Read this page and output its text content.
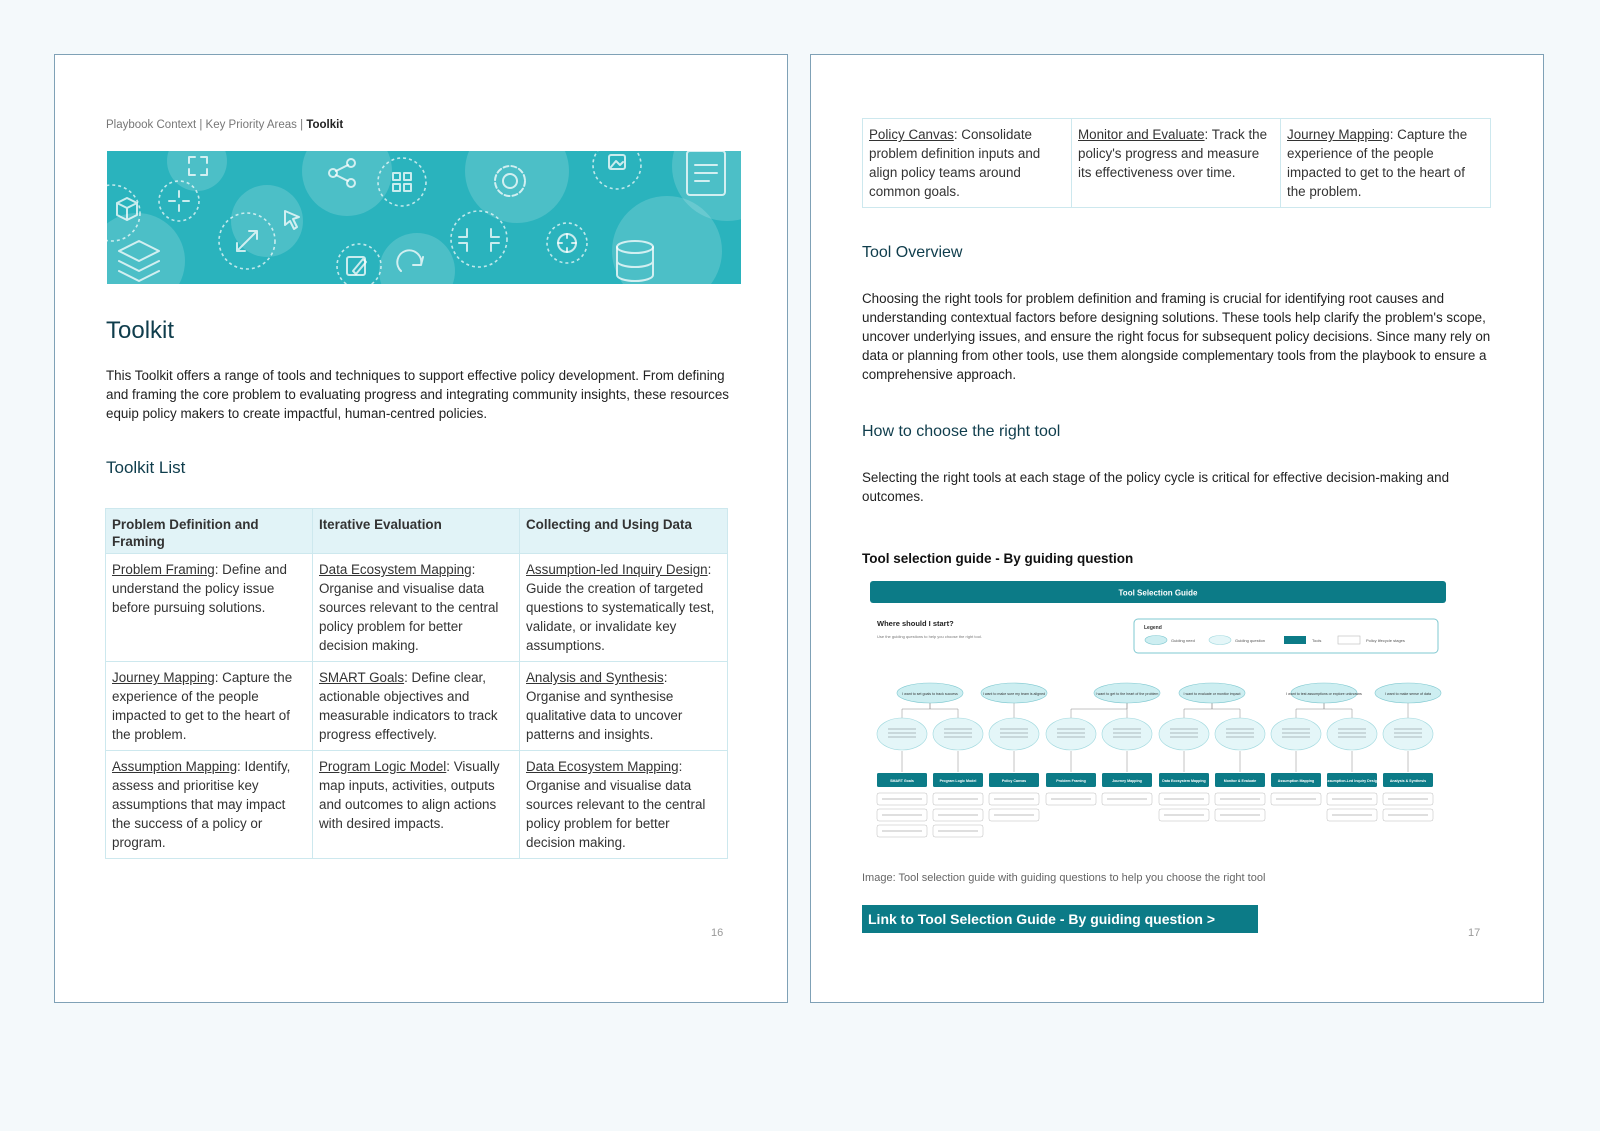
Playbook Context | Key Priority Areas | Toolkit
Toolkit

This Toolkit offers a range of tools and techniques to support effective policy development. From defining and framing the core problem to evaluating progress and integrating community insights, these resources equip policy makers to create impactful, human-centred policies.

Toolkit List
Problem Definition and Framing	Iterative Evaluation	Collecting and Using Data
Problem Framing: Define and understand the policy issue before pursuing solutions.	Data Ecosystem Mapping: Organise and visualise data sources relevant to the central policy problem for better decision making.	Assumption-led Inquiry Design: Guide the creation of targeted questions to systematically test, validate, or invalidate key assumptions.
Journey Mapping: Capture the experience of the people impacted to get to the heart of the problem.	SMART Goals: Define clear, actionable objectives and measurable indicators to track progress effectively.	Analysis and Synthesis: Organise and synthesise qualitative data to uncover patterns and insights.
Assumption Mapping: Identify, assess and prioritise key assumptions that may impact the success of a policy or program.	Program Logic Model: Visually map inputs, activities, outputs and outcomes to align actions with desired impacts.	Data Ecosystem Mapping: Organise and visualise data sources relevant to the central policy problem for better decision making.
16
Policy Canvas: Consolidate problem definition inputs and align policy teams around common goals.	Monitor and Evaluate: Track the policy's progress and measure its effectiveness over time.	Journey Mapping: Capture the experience of the people impacted to get to the heart of the problem.
Tool Overview

Choosing the right tools for problem definition and framing is crucial for identifying root causes and understanding contextual factors before designing solutions. These tools help clarify the problem's scope, uncover underlying issues, and ensure the right focus for subsequent policy decisions. Since many rely on data or planning from other tools, use them alongside complementary tools from the playbook to ensure a comprehensive approach.

How to choose the right tool

Selecting the right tools at each stage of the policy cycle is critical for effective decision-making and outcomes.

Tool selection guide - By guiding question
Tool Selection Guide
Where should I start?
Use the guiding questions to help you choose the right tool.
Legend
Guiding need	Guiding question	Tools	Policy lifecycle stages
I want to set goals to track success	I want to make sure my team is aligned	I want to get to the heart of the problem	I want to evaluate or monitor impact	I want to test assumptions or explore unknowns	I want to make sense of data
SMART Goals	Program Logic Model	Policy Canvas	Problem Framing	Journey Mapping	Data Ecosystem Mapping	Monitor & Evaluate	Assumption Mapping	Assumption-Led Inquiry Design	Analysis & Synthesis

Image: Tool selection guide with guiding questions to help you choose the right tool

Link to Tool Selection Guide - By guiding question >
17
